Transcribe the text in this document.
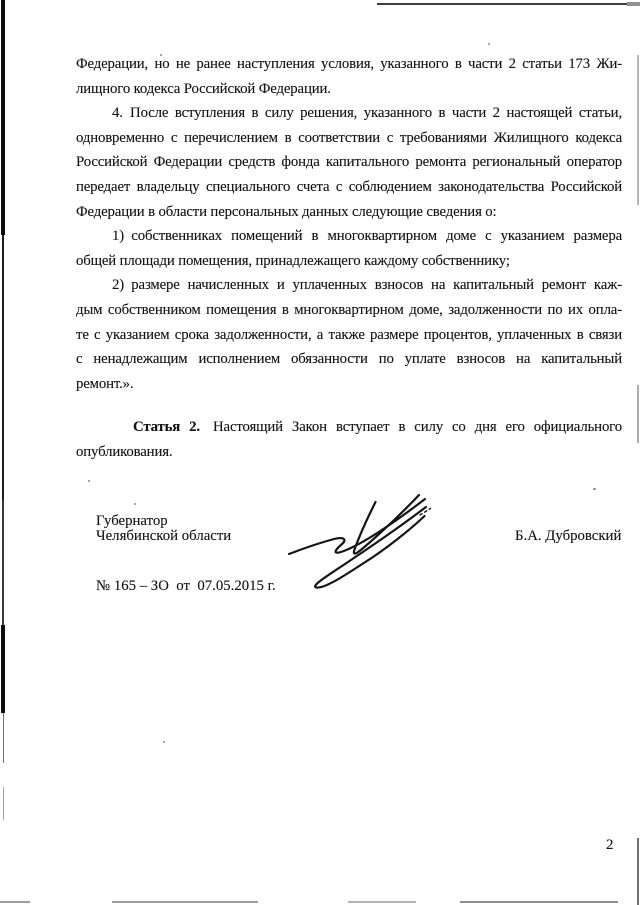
Федерации, но не ранее наступления условия, указанного в части 2 статьи 173 Жи-
лищного кодекса Российской Федерации.
4. После вступления в силу решения, указанного в части 2 настоящей статьи,
одновременно с перечислением в соответствии с требованиями Жилищного кодекса
Российской Федерации средств фонда капитального ремонта региональный оператор
передает владельцу специального счета с соблюдением законодательства Российской
Федерации в области персональных данных следующие сведения о:
1) собственниках помещений в многоквартирном доме с указанием размера
общей площади помещения, принадлежащего каждому собственнику;
2) размере начисленных и уплаченных взносов на капитальный ремонт каж-
дым собственником помещения в многоквартирном доме, задолженности по их опла-
те с указанием срока задолженности, а также размере процентов, уплаченных в связи
с ненадлежащим исполнением обязанности по уплате взносов на капитальный
ремонт.».
Статья 2. Настоящий Закон вступает в силу со дня его официального
опубликования.
Губернатор
Челябинской области	Б.А. Дубровский
№ 165 – ЗО  от  07.05.2015 г.
2
